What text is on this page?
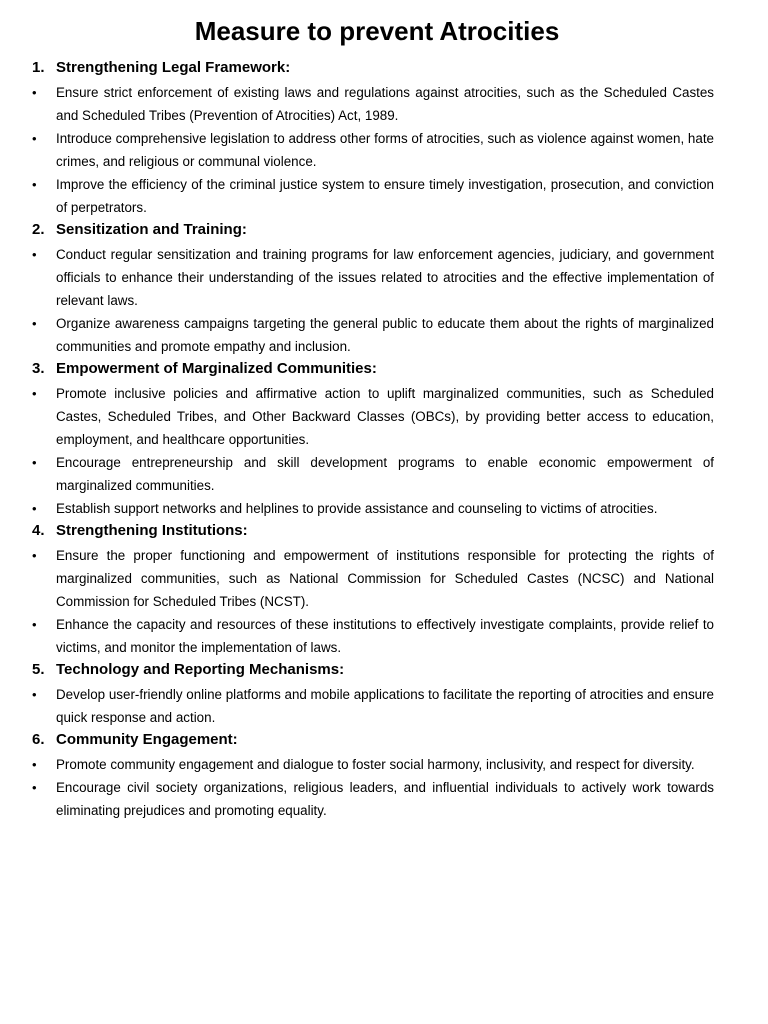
Measure to prevent Atrocities
1. Strengthening Legal Framework:
•	Ensure strict enforcement of existing laws and regulations against atrocities, such as the Scheduled Castes and Scheduled Tribes (Prevention of Atrocities) Act, 1989.
•	Introduce comprehensive legislation to address other forms of atrocities, such as violence against women, hate crimes, and religious or communal violence.
•	Improve the efficiency of the criminal justice system to ensure timely investigation, prosecution, and conviction of perpetrators.
2. Sensitization and Training:
•	Conduct regular sensitization and training programs for law enforcement agencies, judiciary, and government officials to enhance their understanding of the issues related to atrocities and the effective implementation of relevant laws.
•	Organize awareness campaigns targeting the general public to educate them about the rights of marginalized communities and promote empathy and inclusion.
3. Empowerment of Marginalized Communities:
•	Promote inclusive policies and affirmative action to uplift marginalized communities, such as Scheduled Castes, Scheduled Tribes, and Other Backward Classes (OBCs), by providing better access to education, employment, and healthcare opportunities.
•	Encourage entrepreneurship and skill development programs to enable economic empowerment of marginalized communities.
•	Establish support networks and helplines to provide assistance and counseling to victims of atrocities.
4. Strengthening Institutions:
•	Ensure the proper functioning and empowerment of institutions responsible for protecting the rights of marginalized communities, such as National Commission for Scheduled Castes (NCSC) and National Commission for Scheduled Tribes (NCST).
•	Enhance the capacity and resources of these institutions to effectively investigate complaints, provide relief to victims, and monitor the implementation of laws.
5. Technology and Reporting Mechanisms:
•	Develop user-friendly online platforms and mobile applications to facilitate the reporting of atrocities and ensure quick response and action.
6. Community Engagement:
•	Promote community engagement and dialogue to foster social harmony, inclusivity, and respect for diversity.
•	Encourage civil society organizations, religious leaders, and influential individuals to actively work towards eliminating prejudices and promoting equality.
